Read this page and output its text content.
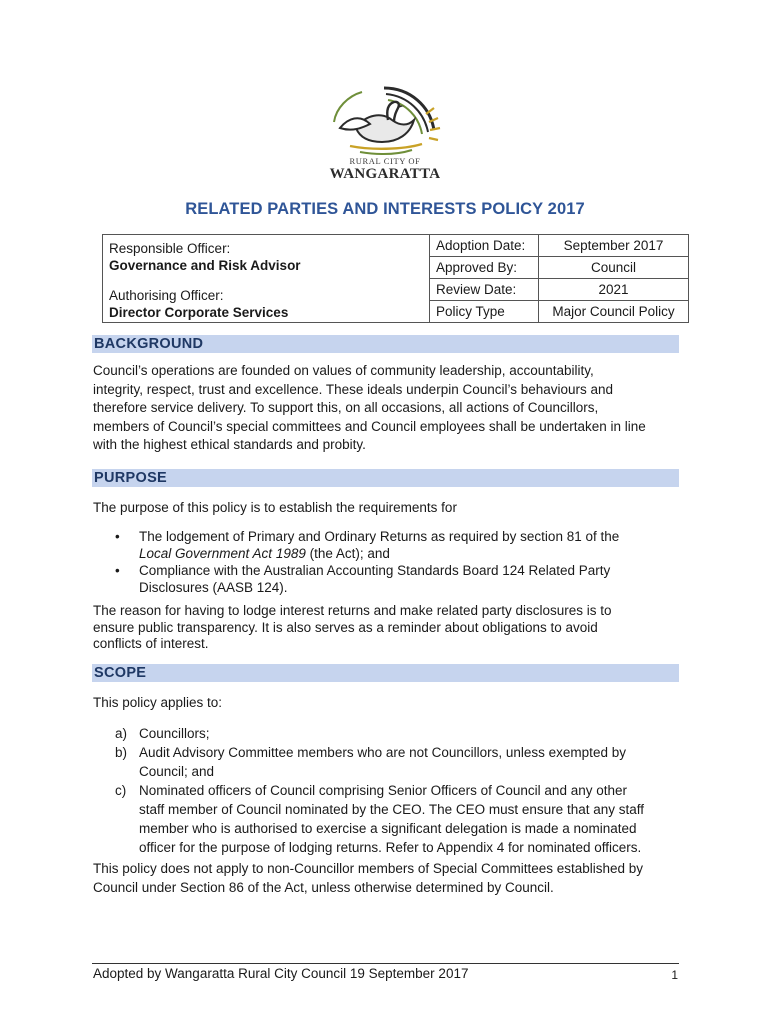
RURAL CITY OF
WANGARATTA
RELATED PARTIES AND INTERESTS POLICY 2017
Responsible Officer:
Governance and Risk Advisor
Authorising Officer:
Director Corporate Services	Adoption Date:	September 2017
	Approved By:	Council
	Review Date:	2021
	Policy Type	Major Council Policy
BACKGROUND
Council’s operations are founded on values of community leadership, accountability,
integrity, respect, trust and excellence. These ideals underpin Council’s behaviours and
therefore service delivery. To support this, on all occasions, all actions of Councillors,
members of Council’s special committees and Council employees shall be undertaken in line
with the highest ethical standards and probity.
PURPOSE
The purpose of this policy is to establish the requirements for
• The lodgement of Primary and Ordinary Returns as required by section 81 of the
Local Government Act 1989 (the Act); and
• Compliance with the Australian Accounting Standards Board 124 Related Party
Disclosures (AASB 124).
The reason for having to lodge interest returns and make related party disclosures is to
ensure public transparency. It is also serves as a reminder about obligations to avoid
conflicts of interest.
SCOPE
This policy applies to:
a) Councillors;
b) Audit Advisory Committee members who are not Councillors, unless exempted by
Council; and
c) Nominated officers of Council comprising Senior Officers of Council and any other
staff member of Council nominated by the CEO. The CEO must ensure that any staff
member who is authorised to exercise a significant delegation is made a nominated
officer for the purpose of lodging returns. Refer to Appendix 4 for nominated officers.
This policy does not apply to non-Councillor members of Special Committees established by
Council under Section 86 of the Act, unless otherwise determined by Council.
Adopted by Wangaratta Rural City Council 19 September 2017	1
